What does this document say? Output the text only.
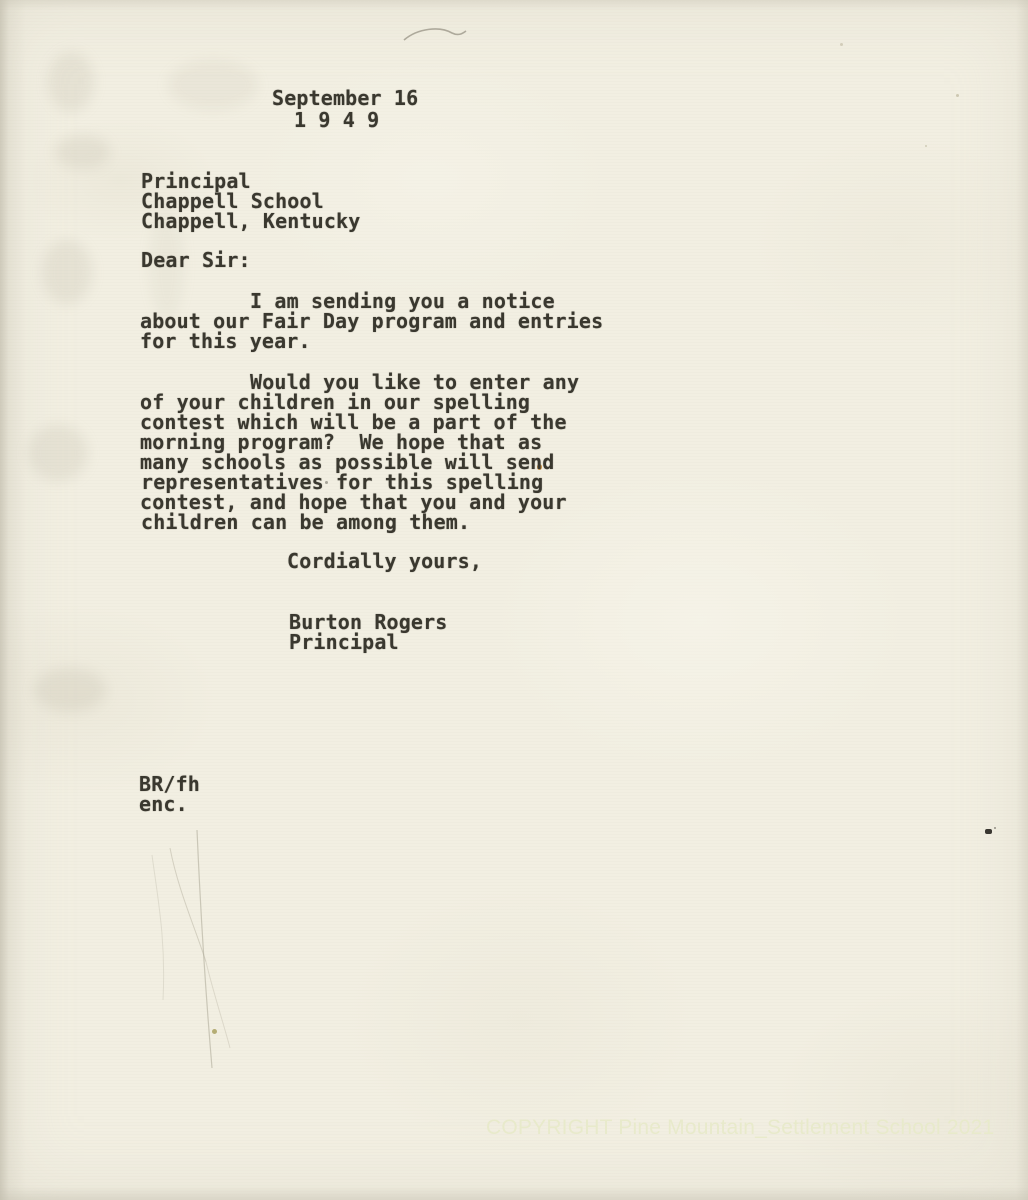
September 16
1 9 4 9
Principal
Chappell School
Chappell, Kentucky
Dear Sir:
I am sending you a notice
about our Fair Day program and entries
for this year.
Would you like to enter any
of your children in our spelling
contest which will be a part of the
morning program?  We hope that as
many schools as possible will send
representatives for this spelling
contest, and hope that you and your
children can be among them.
Cordially yours,
Burton Rogers
Principal
BR/fh
enc.
COPYRIGHT Pine Mountain_Settlement School 2021
